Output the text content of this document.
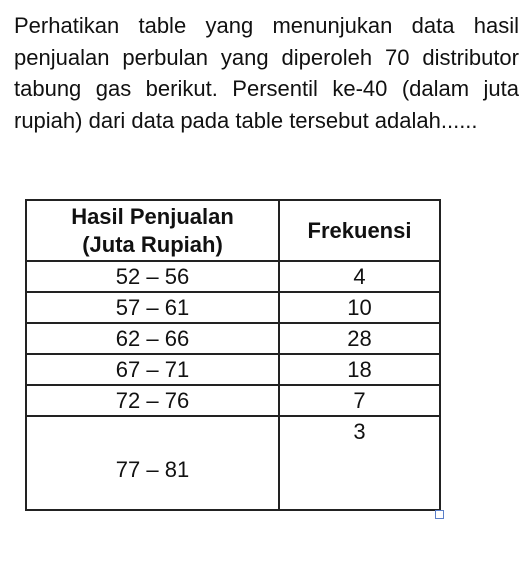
Perhatikan table yang menunjukan data hasil penjualan perbulan yang diperoleh 70 distributor tabung gas berikut. Persentil ke-40 (dalam juta rupiah) dari data pada table tersebut adalah......

Hasil Penjualan
(Juta Rupiah)	Frekuensi
52 – 56	4
57 – 61	10
62 – 66	28
67 – 71	18
72 – 76	7
77 – 81	3
